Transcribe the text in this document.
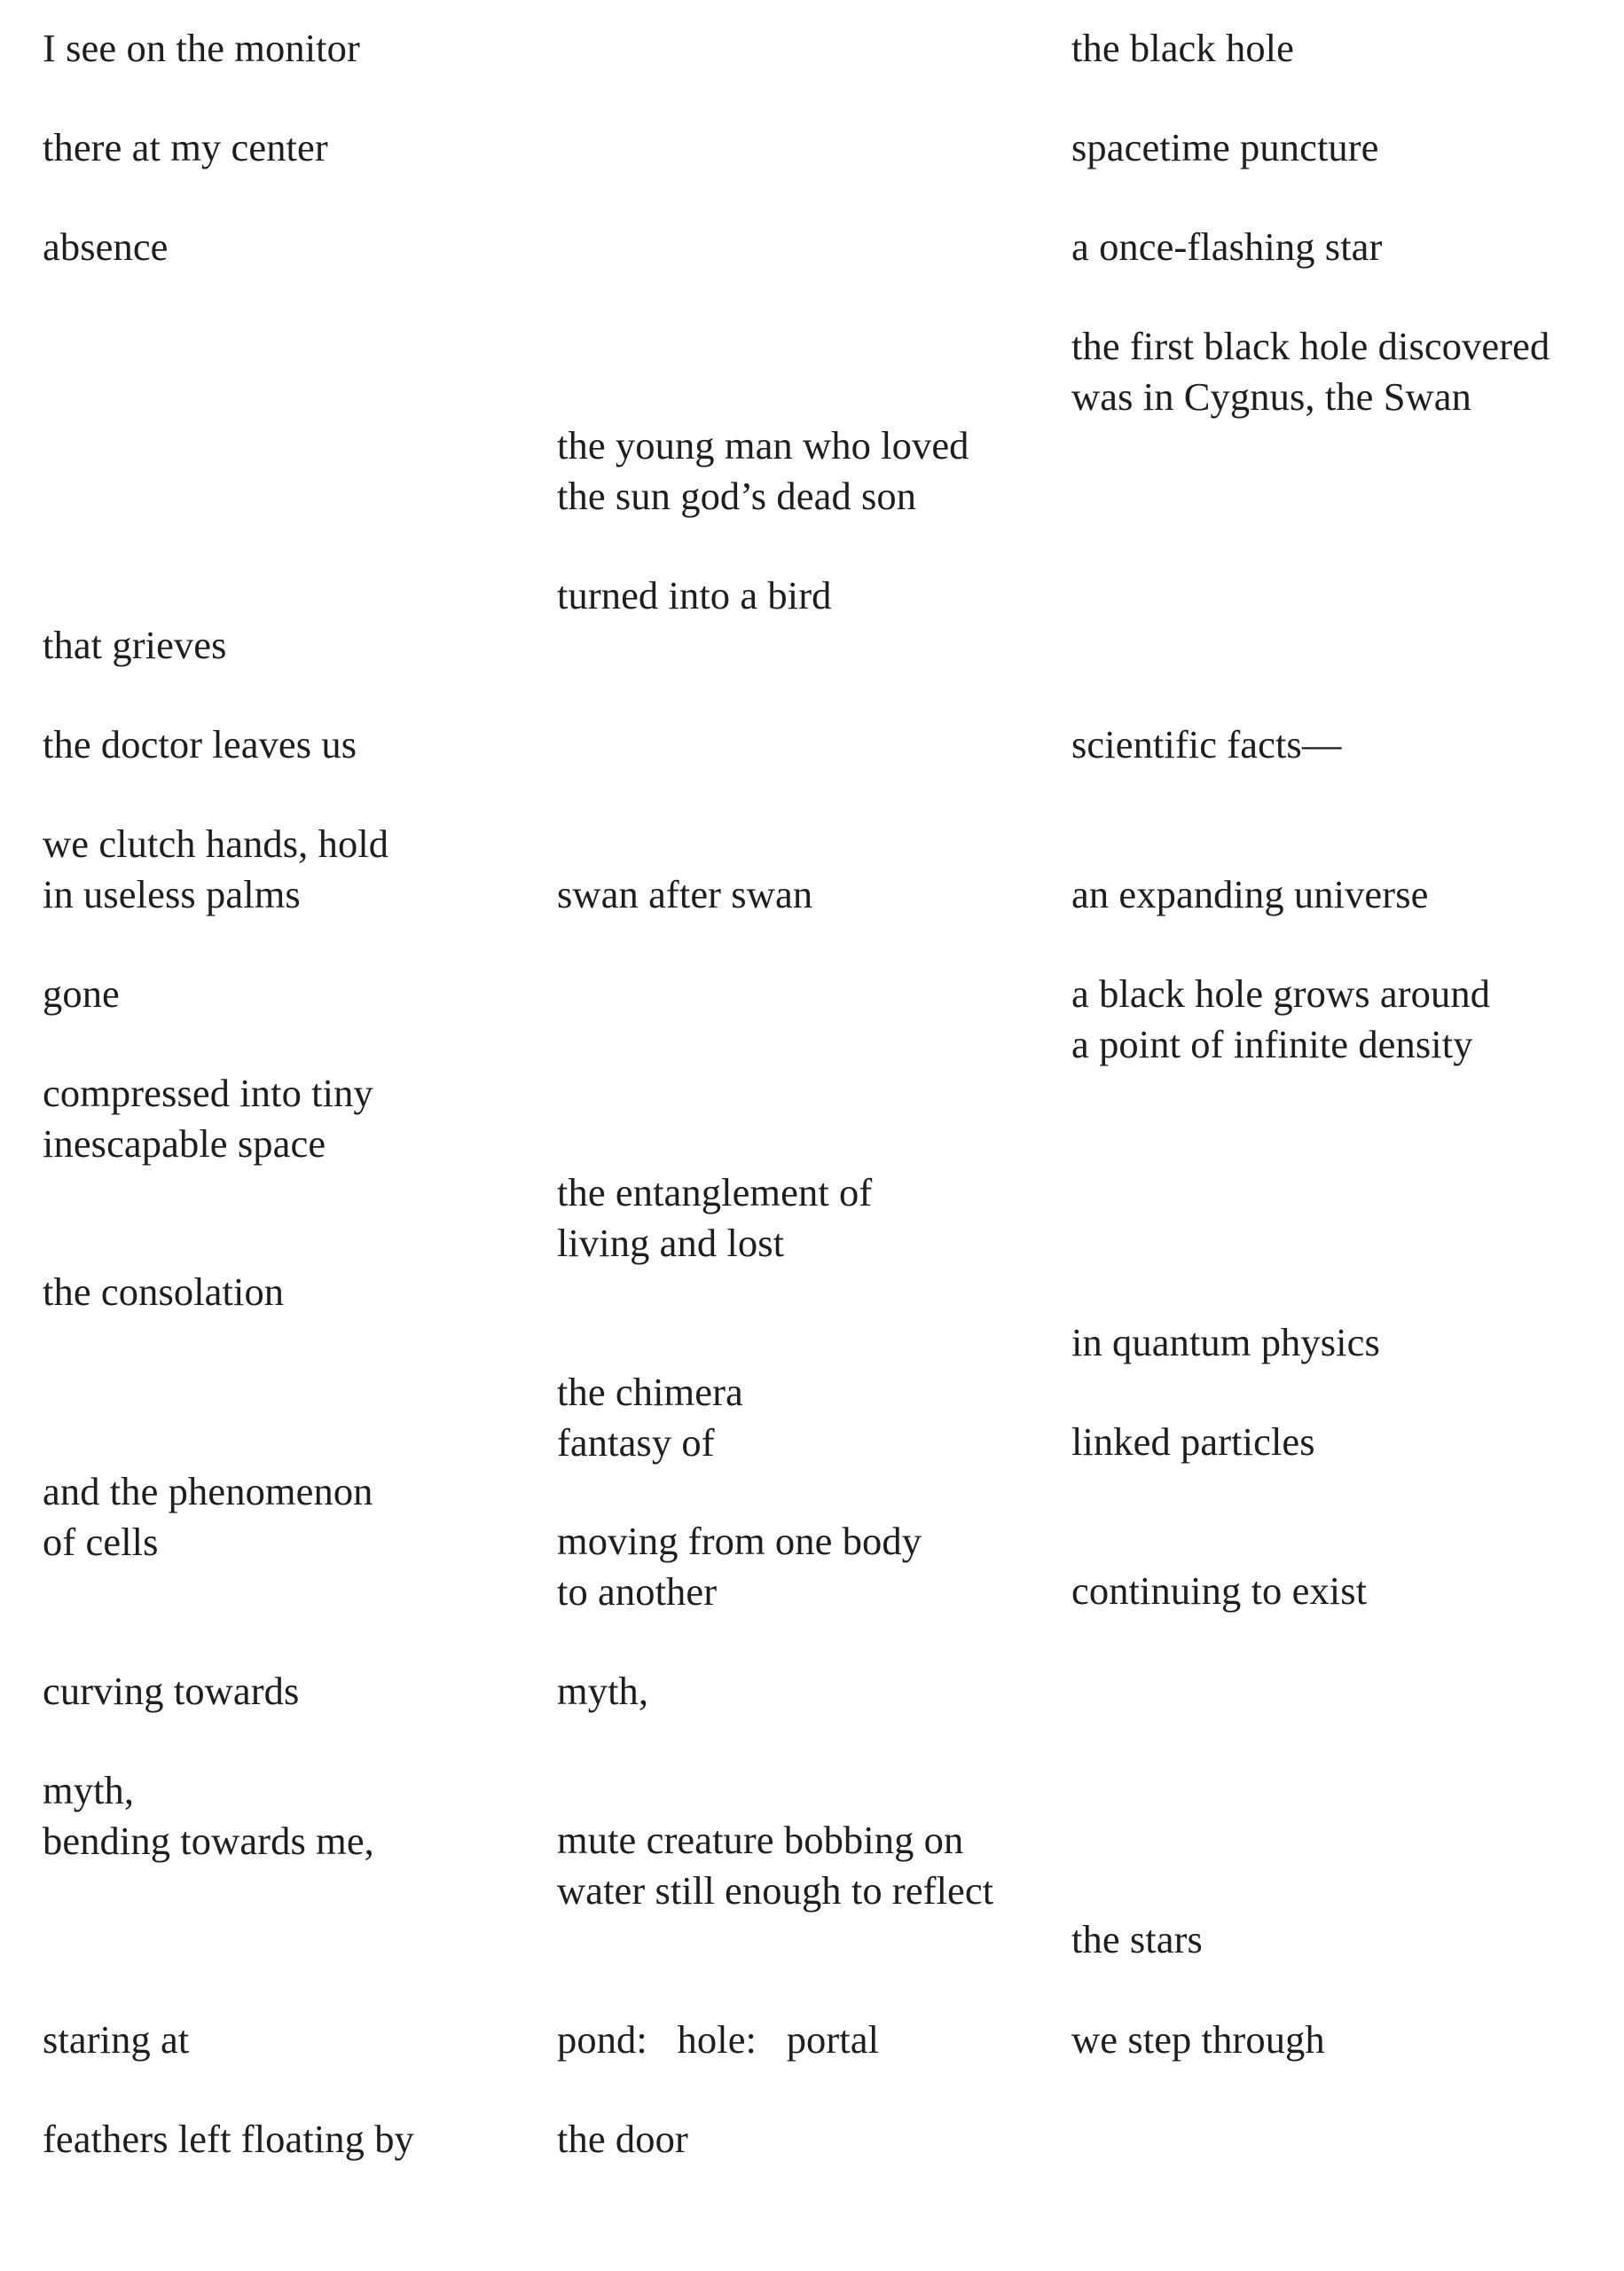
I see on the monitor

there at my center

absence

that grieves

the doctor leaves us

we clutch hands, hold
in useless palms

gone

compressed into tiny
inescapable space

the consolation

and the phenomenon
of cells

curving towards

myth,
bending towards me,

staring at

feathers left floating by

the young man who loved
the sun god’s dead son

turned into a bird

swan after swan

the entanglement of
living and lost

the chimera
fantasy of

moving from one body
to another

myth,

mute creature bobbing on
water still enough to reflect

pond:   hole:   portal

the door

the black hole

spacetime puncture

a once-flashing star

the first black hole discovered
was in Cygnus, the Swan

scientific facts—

an expanding universe

a black hole grows around
a point of infinite density

in quantum physics

linked particles

continuing to exist

the stars

we step through
